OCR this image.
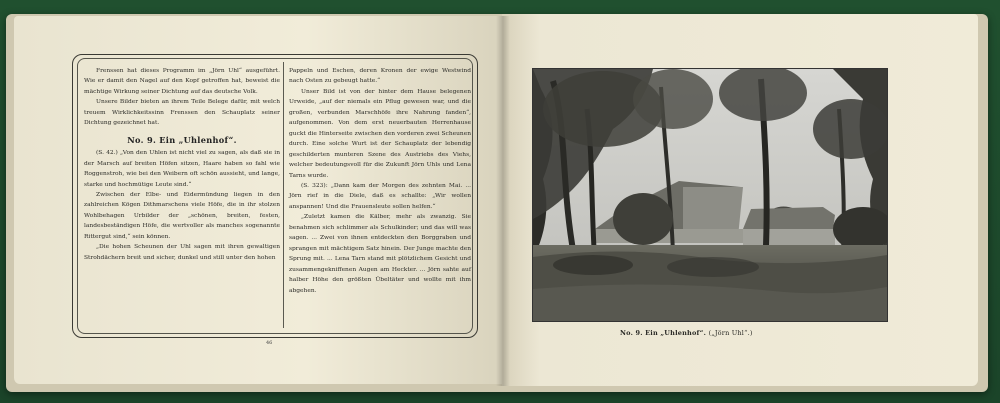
Frenssen hat dieses Programm im „Jörn Uhl“ ausgeführt. Wie er damit den Nagel auf den Kopf getroffen hat, beweist die mächtige Wirkung seiner Dichtung auf das deutsche Volk.

Unsere Bilder bieten an ihrem Teile Belege dafür, mit welch treuem Wirklichkeitssinn Frenssen den Schauplatz seiner Dichtung gezeichnet hat.

No. 9. Ein „Uhlenhof“.

(S. 42.) „Von den Uhlen ist nicht viel zu sagen, als daß sie in der Marsch auf breiten Höfen sitzen, Haare haben so fahl wie Roggenstroh, wie bei den Weibern oft schön aussieht, und lange, starke und hochmütige Leute sind.“

Zwischen der Elbe- und Eidermündung liegen in den zahlreichen Kögen Dithmarschens viele Höfe, die in ihr stolzen Wohlbehagen Urbilder der „schönen, breiten, festen, landesbeständigen Höfe, die wertvoller als manches sogenannte Rittergut sind,“ sein können.

„Die hohen Scheunen der Uhl sagen mit ihren gewaltigen Strohdächern breit und sicher, dunkel und still unter den hohen

Pappeln und Eschen, deren Kronen der ewige Westwind nach Osten zu gebeugt hatte.“

Unser Bild ist von der hinter dem Hause belegenen Urweide, „auf der niemals ein Pflug gewesen war, und die großen, verbunden Marschhöfe ihre Nahrung fanden“, aufgenommen. Von dem erst neuerbauten Herrenhause guckt die Hinterseite zwischen den vorderen zwei Scheunen durch. Eine solche Wurt ist der Schauplatz der lebendig geschilderten munteren Szene des Austriebs des Viehs, welcher bedeutungsvoll für die Zukunft Jörn Uhls und Lena Tarns wurde.

(S. 323): „Dann kam der Morgen des zehnten Mai. ... Jörn rief in die Diele, daß es schallte: „Wir wollen anspannen! Und die Frauensleute sollen helfen.“

„Zuletzt kamen die Kälber, mehr als zwanzig. Sie benahmen sich schlimmer als Schulkinder; und das will was sagen. ... Zwei von ihnen entdeckten den Borggraben und sprangen mit mächtigem Satz hinein. Der Junge machte den Sprung mit. ... Lena Tarn stand mit plötzlichem Gesicht und zusammengekniffenen Augen am Heckter. ... Jörn sahte auf halber Höhe den größten Übeltäter und wollte mit ihm abgehen.

46
No. 9. Ein „Uhlenhof“. („Jörn Uhl“.)
